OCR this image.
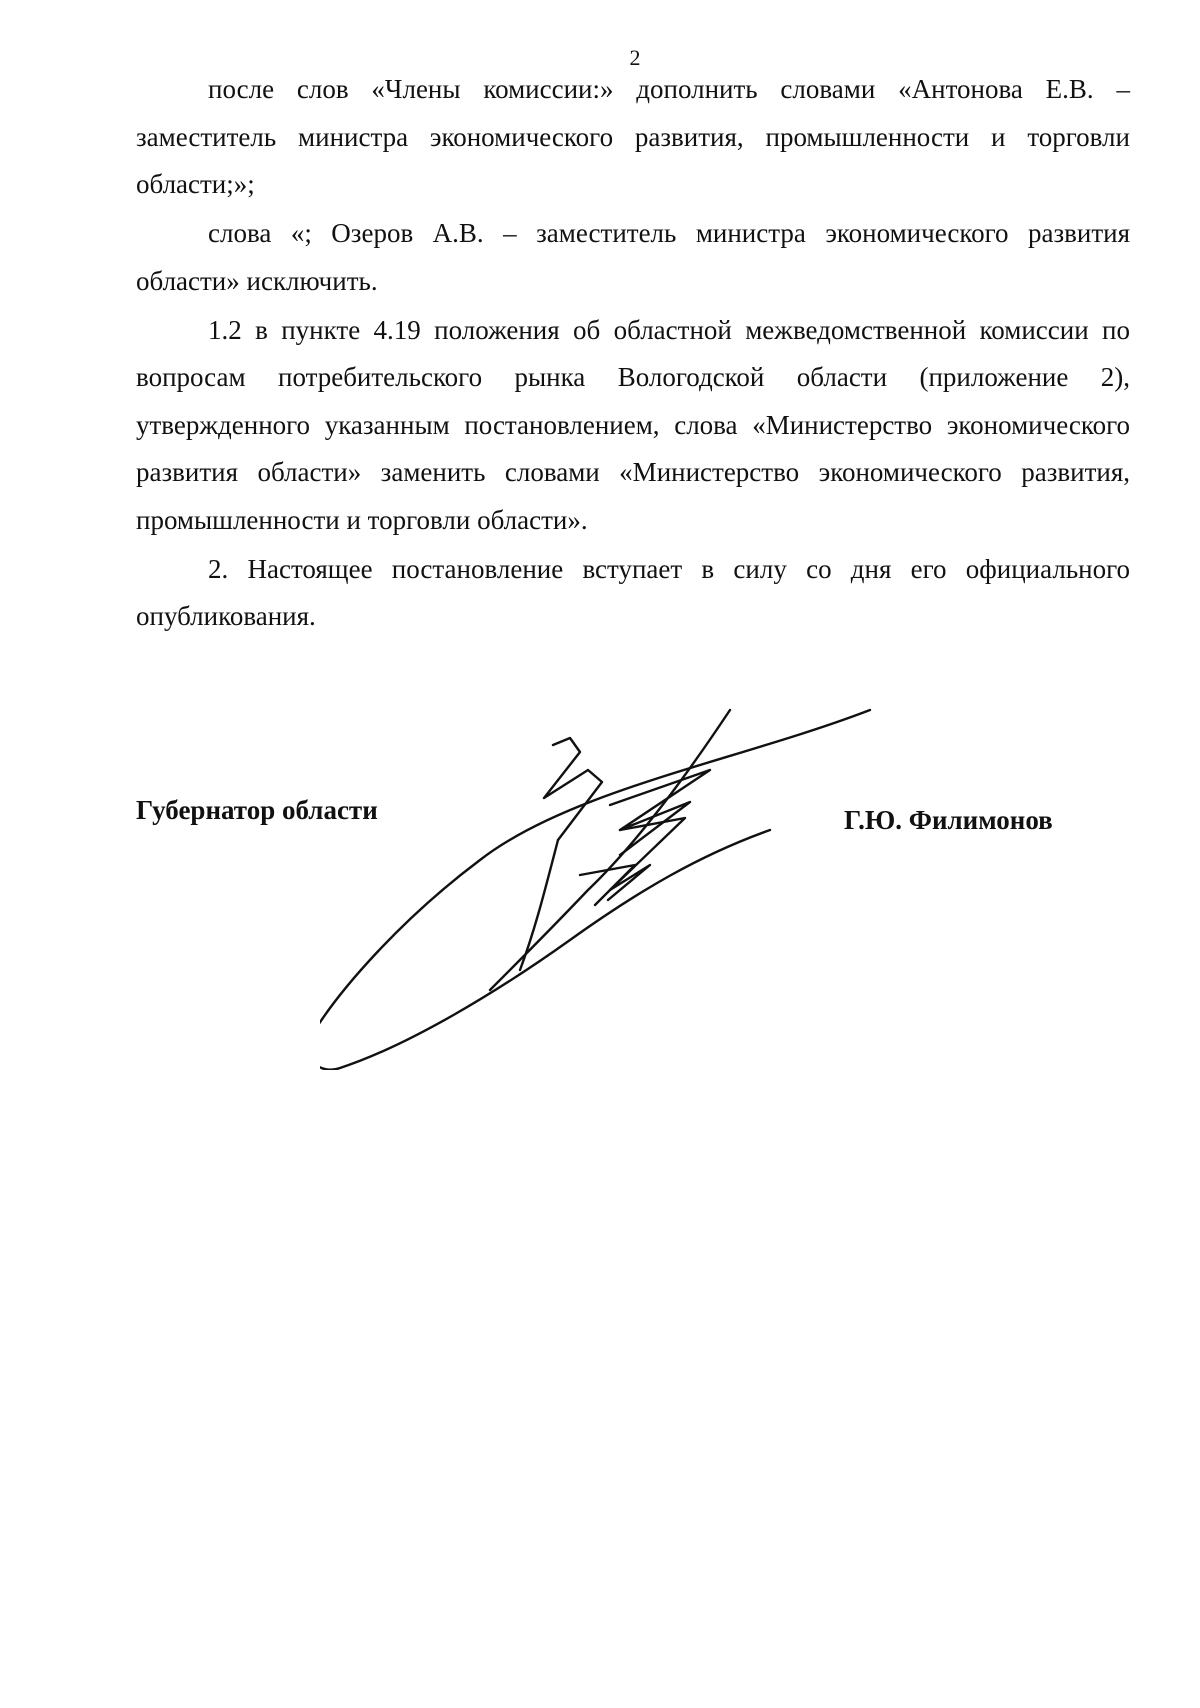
2

после слов «Члены комиссии:» дополнить словами «Антонова Е.В. – заместитель министра экономического развития, промышленности и торговли области;»;

слова «; Озеров А.В. – заместитель министра экономического развития области» исключить.

1.2 в пункте 4.19 положения об областной межведомственной комиссии по вопросам потребительского рынка Вологодской области (приложение 2), утвержденного указанным постановлением, слова «Министерство экономического развития области» заменить словами «Министерство экономического развития, промышленности и торговли области».

2. Настоящее постановление вступает в силу со дня его официального опубликования.

Губернатор области	Г.Ю. Филимонов
